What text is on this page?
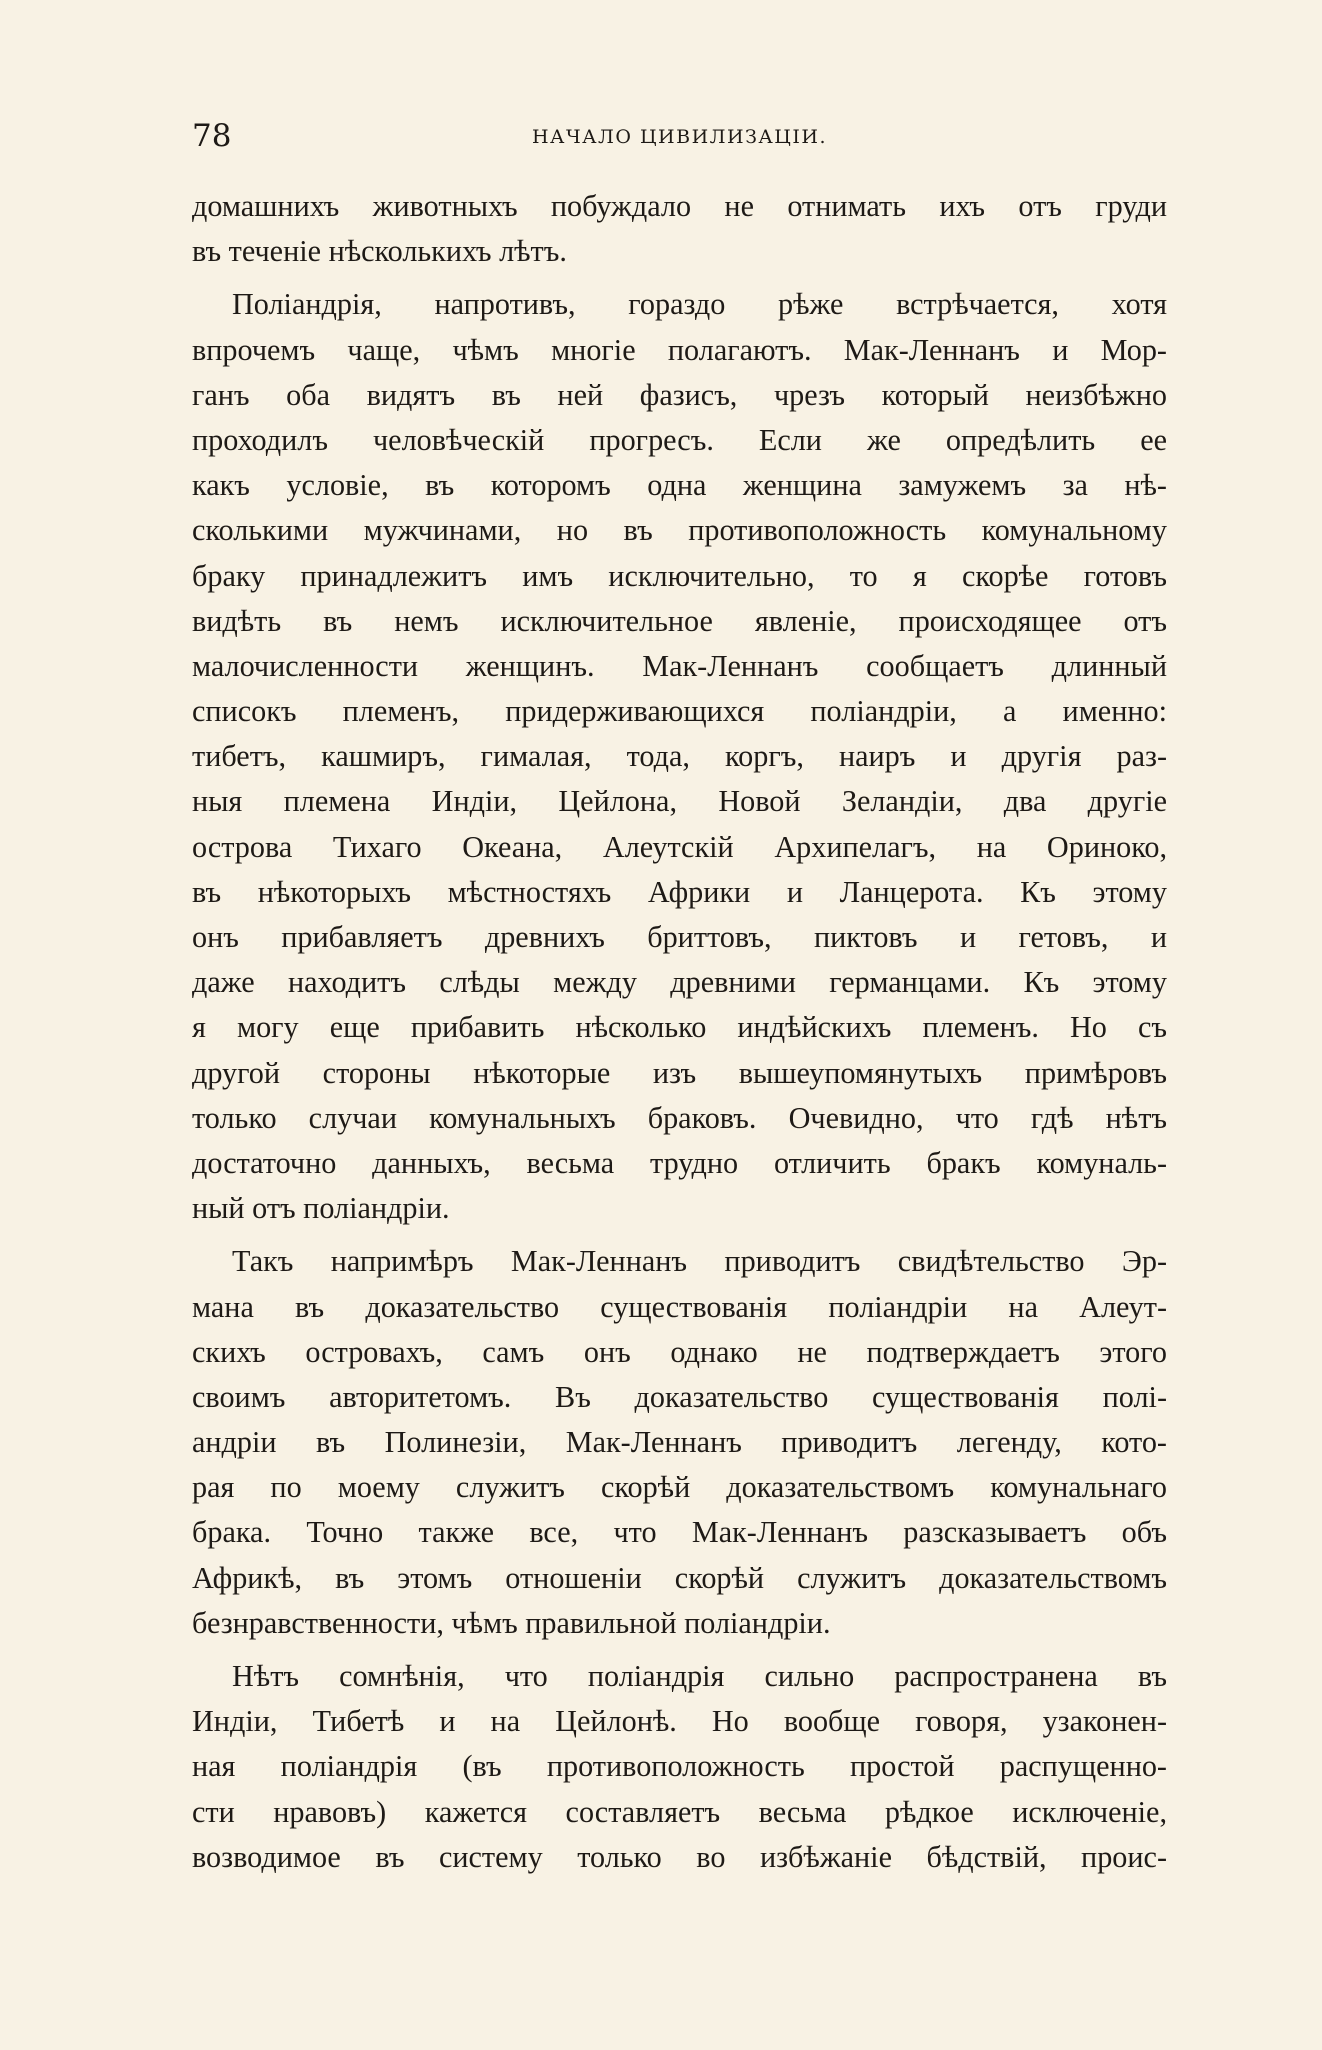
78	НАЧАЛО ЦИВИЛИЗАЦІИ.
домашнихъ животныхъ побуждало не отнимать ихъ отъ груди
въ теченіе нѣсколькихъ лѣтъ.
Поліандрія, напротивъ, гораздо рѣже встрѣчается, хотя
впрочемъ чаще, чѣмъ многіе полагаютъ. Мак-Леннанъ и Мор-
ганъ оба видятъ въ ней фазисъ, чрезъ который неизбѣжно
проходилъ человѣческій прогресъ. Если же опредѣлить ее
какъ условіе, въ которомъ одна женщина замужемъ за нѣ-
сколькими мужчинами, но въ противоположность комунальному
браку принадлежитъ имъ исключительно, то я скорѣе готовъ
видѣть въ немъ исключительное явленіе, происходящее отъ
малочисленности женщинъ. Мак-Леннанъ сообщаетъ длинный
списокъ племенъ, придерживающихся поліандріи, а именно:
тибетъ, кашмиръ, гималая, тода, коргъ, наиръ и другія раз-
ныя племена Индіи, Цейлона, Новой Зеландіи, два другіе
острова Тихаго Океана, Алеутскій Архипелагъ, на Ориноко,
въ нѣкоторыхъ мѣстностяхъ Африки и Ланцерота. Къ этому
онъ прибавляетъ древнихъ бриттовъ, пиктовъ и гетовъ, и
даже находитъ слѣды между древними германцами. Къ этому
я могу еще прибавить нѣсколько индѣйскихъ племенъ. Но съ
другой стороны нѣкоторые изъ вышеупомянутыхъ примѣровъ
только случаи комунальныхъ браковъ. Очевидно, что гдѣ нѣтъ
достаточно данныхъ, весьма трудно отличить бракъ комуналь-
ный отъ поліандріи.
Такъ напримѣръ Мак-Леннанъ приводитъ свидѣтельство Эр-
мана въ доказательство существованія поліандріи на Алеут-
скихъ островахъ, самъ онъ однако не подтверждаетъ этого
своимъ авторитетомъ. Въ доказательство существованія полі-
андріи въ Полинезіи, Мак-Леннанъ приводитъ легенду, кото-
рая по моему служитъ скорѣй доказательствомъ комунальнаго
брака. Точно также все, что Мак-Леннанъ разсказываетъ объ
Африкѣ, въ этомъ отношеніи скорѣй служитъ доказательствомъ
безнравственности, чѣмъ правильной поліандріи.
Нѣтъ сомнѣнія, что поліандрія сильно распространена въ
Индіи, Тибетѣ и на Цейлонѣ. Но вообще говоря, узаконен-
ная поліандрія (въ противоположность простой распущенно-
сти нравовъ) кажется составляетъ весьма рѣдкое исключеніе,
возводимое въ систему только во избѣжаніе бѣдствій, проис-
